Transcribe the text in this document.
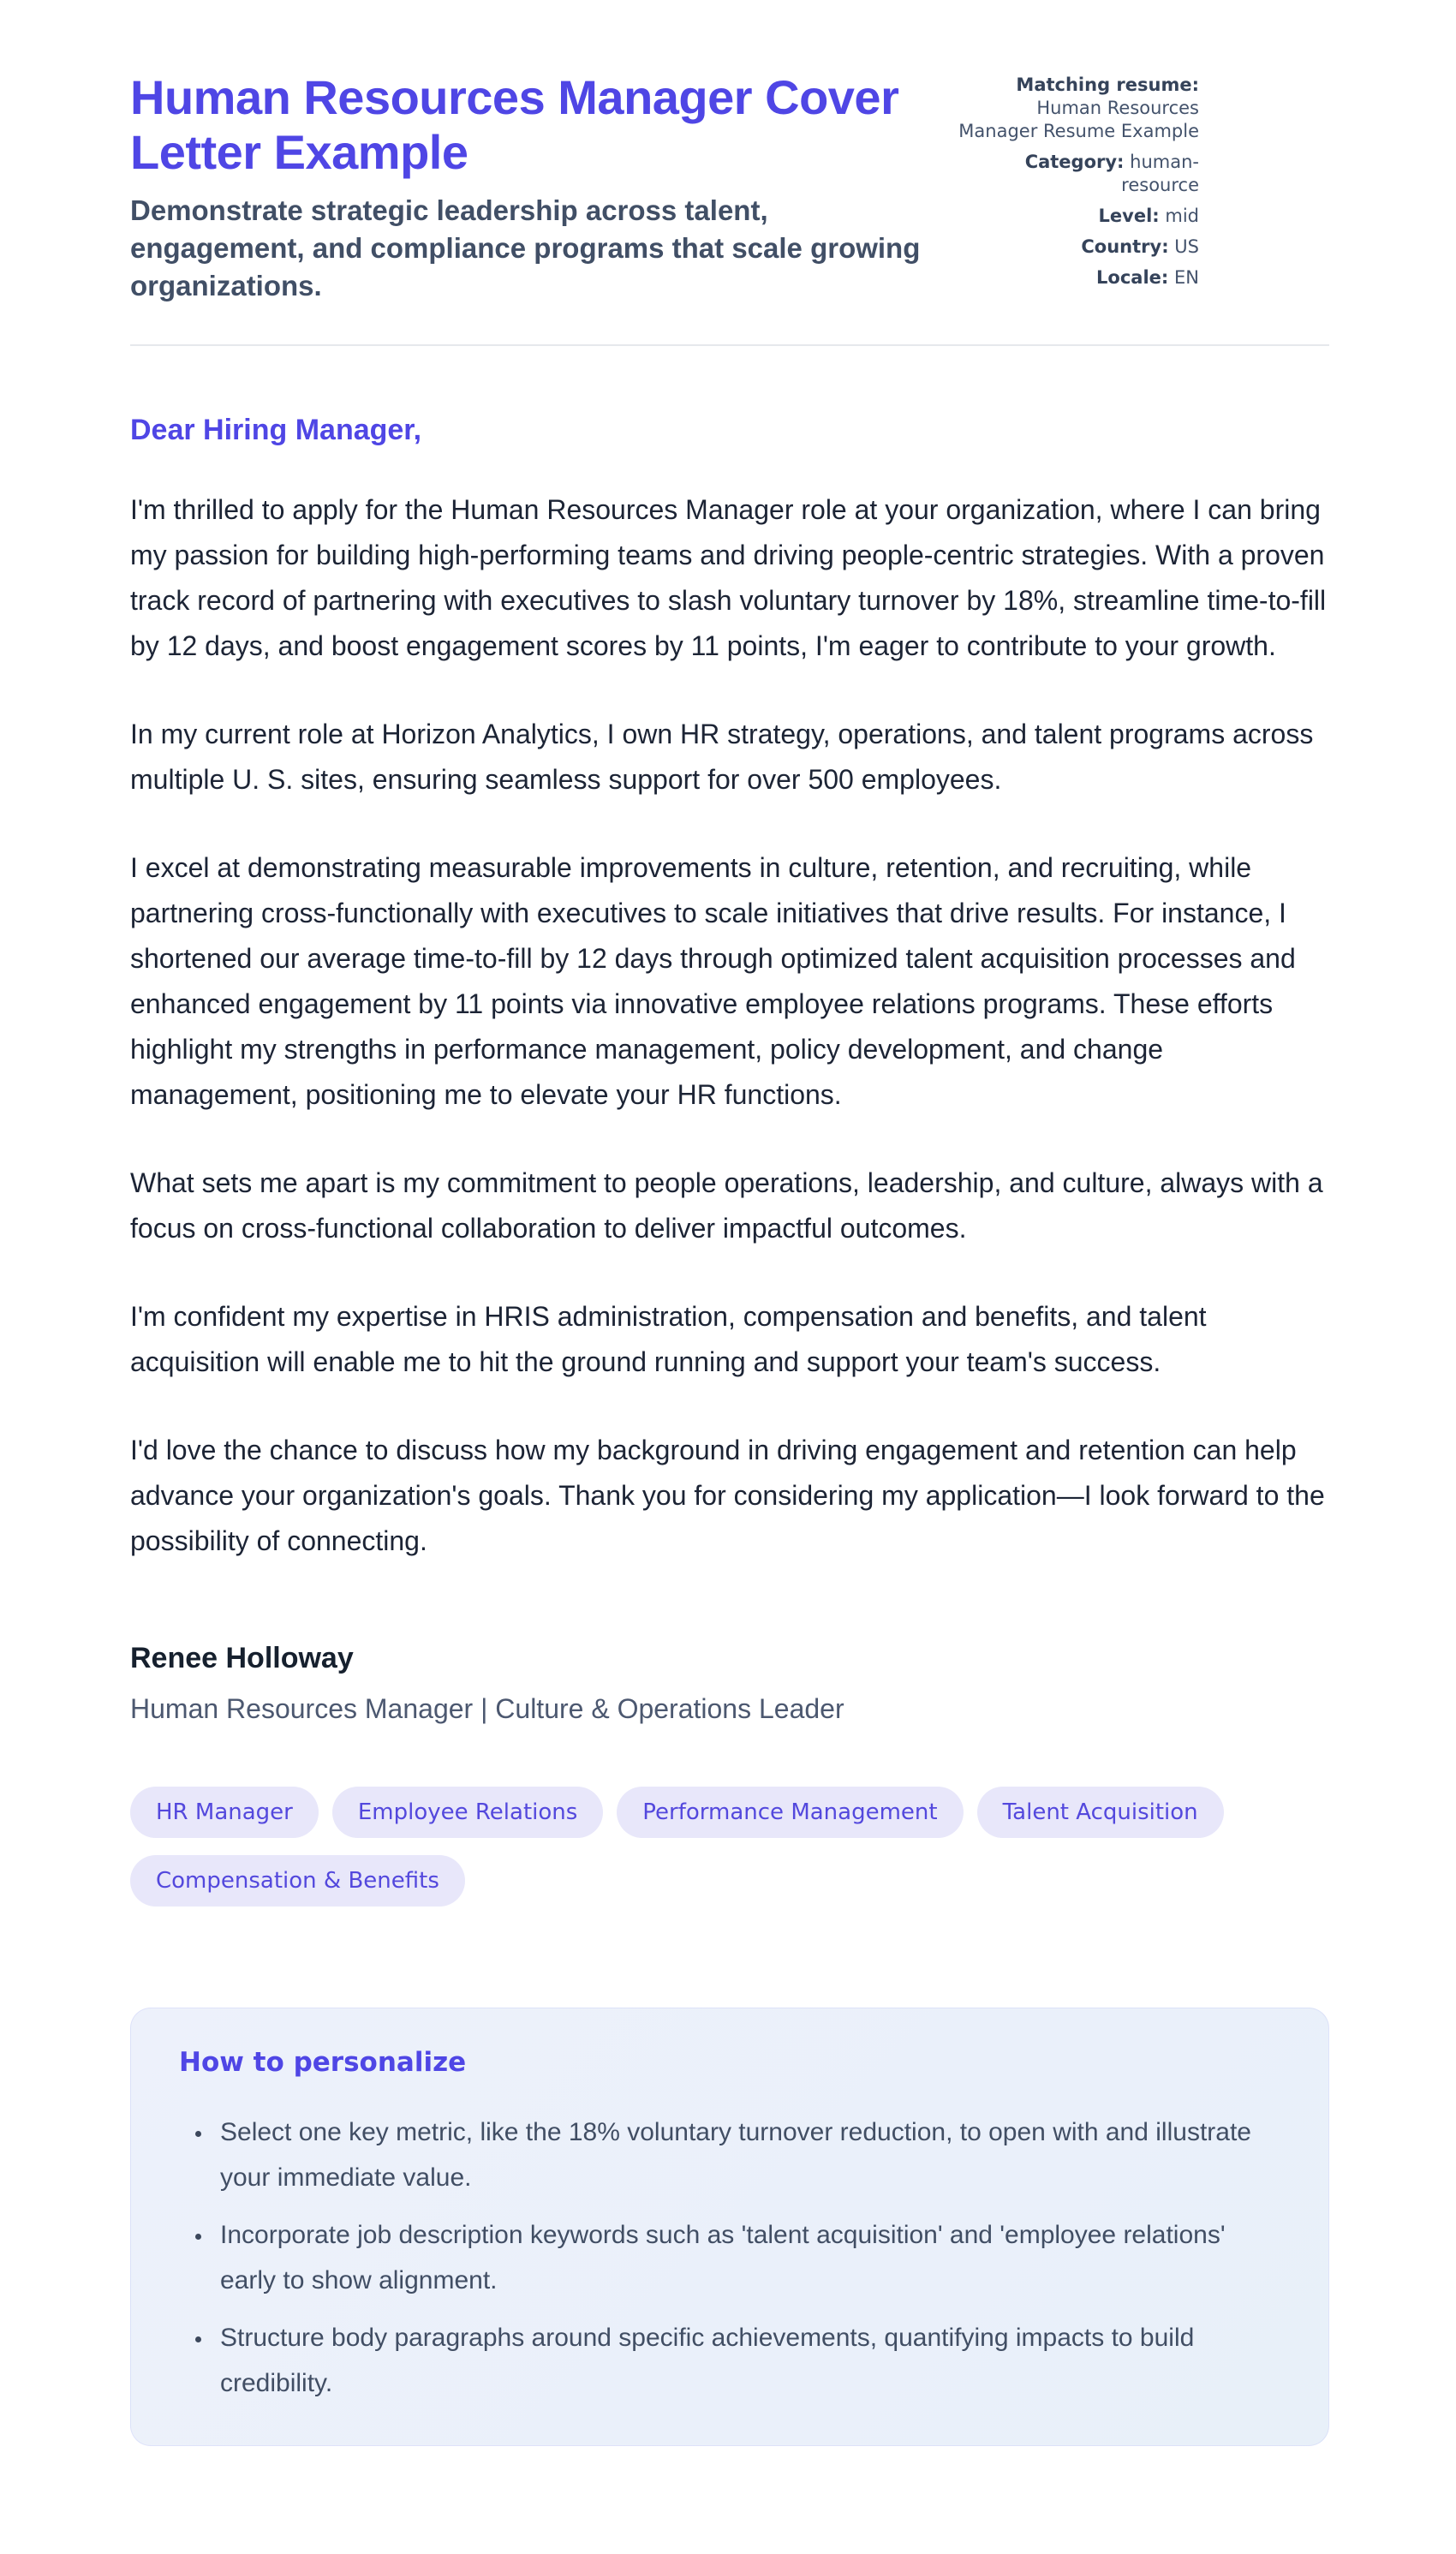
Human Resources Manager Cover Letter Example
Demonstrate strategic leadership across talent, engagement, and compliance programs that scale growing organizations.
Matching resume: Human Resources Manager Resume Example
Category: human-resource
Level: mid
Country: US
Locale: EN

Dear Hiring Manager,

I'm thrilled to apply for the Human Resources Manager role at your organization, where I can bring my passion for building high-performing teams and driving people-centric strategies. With a proven track record of partnering with executives to slash voluntary turnover by 18%, streamline time-to-fill by 12 days, and boost engagement scores by 11 points, I'm eager to contribute to your growth.

In my current role at Horizon Analytics, I own HR strategy, operations, and talent programs across multiple U. S. sites, ensuring seamless support for over 500 employees.

I excel at demonstrating measurable improvements in culture, retention, and recruiting, while partnering cross-functionally with executives to scale initiatives that drive results. For instance, I shortened our average time-to-fill by 12 days through optimized talent acquisition processes and enhanced engagement by 11 points via innovative employee relations programs. These efforts highlight my strengths in performance management, policy development, and change management, positioning me to elevate your HR functions.

What sets me apart is my commitment to people operations, leadership, and culture, always with a focus on cross-functional collaboration to deliver impactful outcomes.

I'm confident my expertise in HRIS administration, compensation and benefits, and talent acquisition will enable me to hit the ground running and support your team's success.

I'd love the chance to discuss how my background in driving engagement and retention can help advance your organization's goals. Thank you for considering my application—I look forward to the possibility of connecting.

Renee Holloway

Human Resources Manager | Culture & Operations Leader

HR Manager	Employee Relations	Performance Management	Talent Acquisition
Compensation & Benefits
How to personalize
• Select one key metric, like the 18% voluntary turnover reduction, to open with and illustrate your immediate value.
• Incorporate job description keywords such as 'talent acquisition' and 'employee relations' early to show alignment.
• Structure body paragraphs around specific achievements, quantifying impacts to build credibility.
